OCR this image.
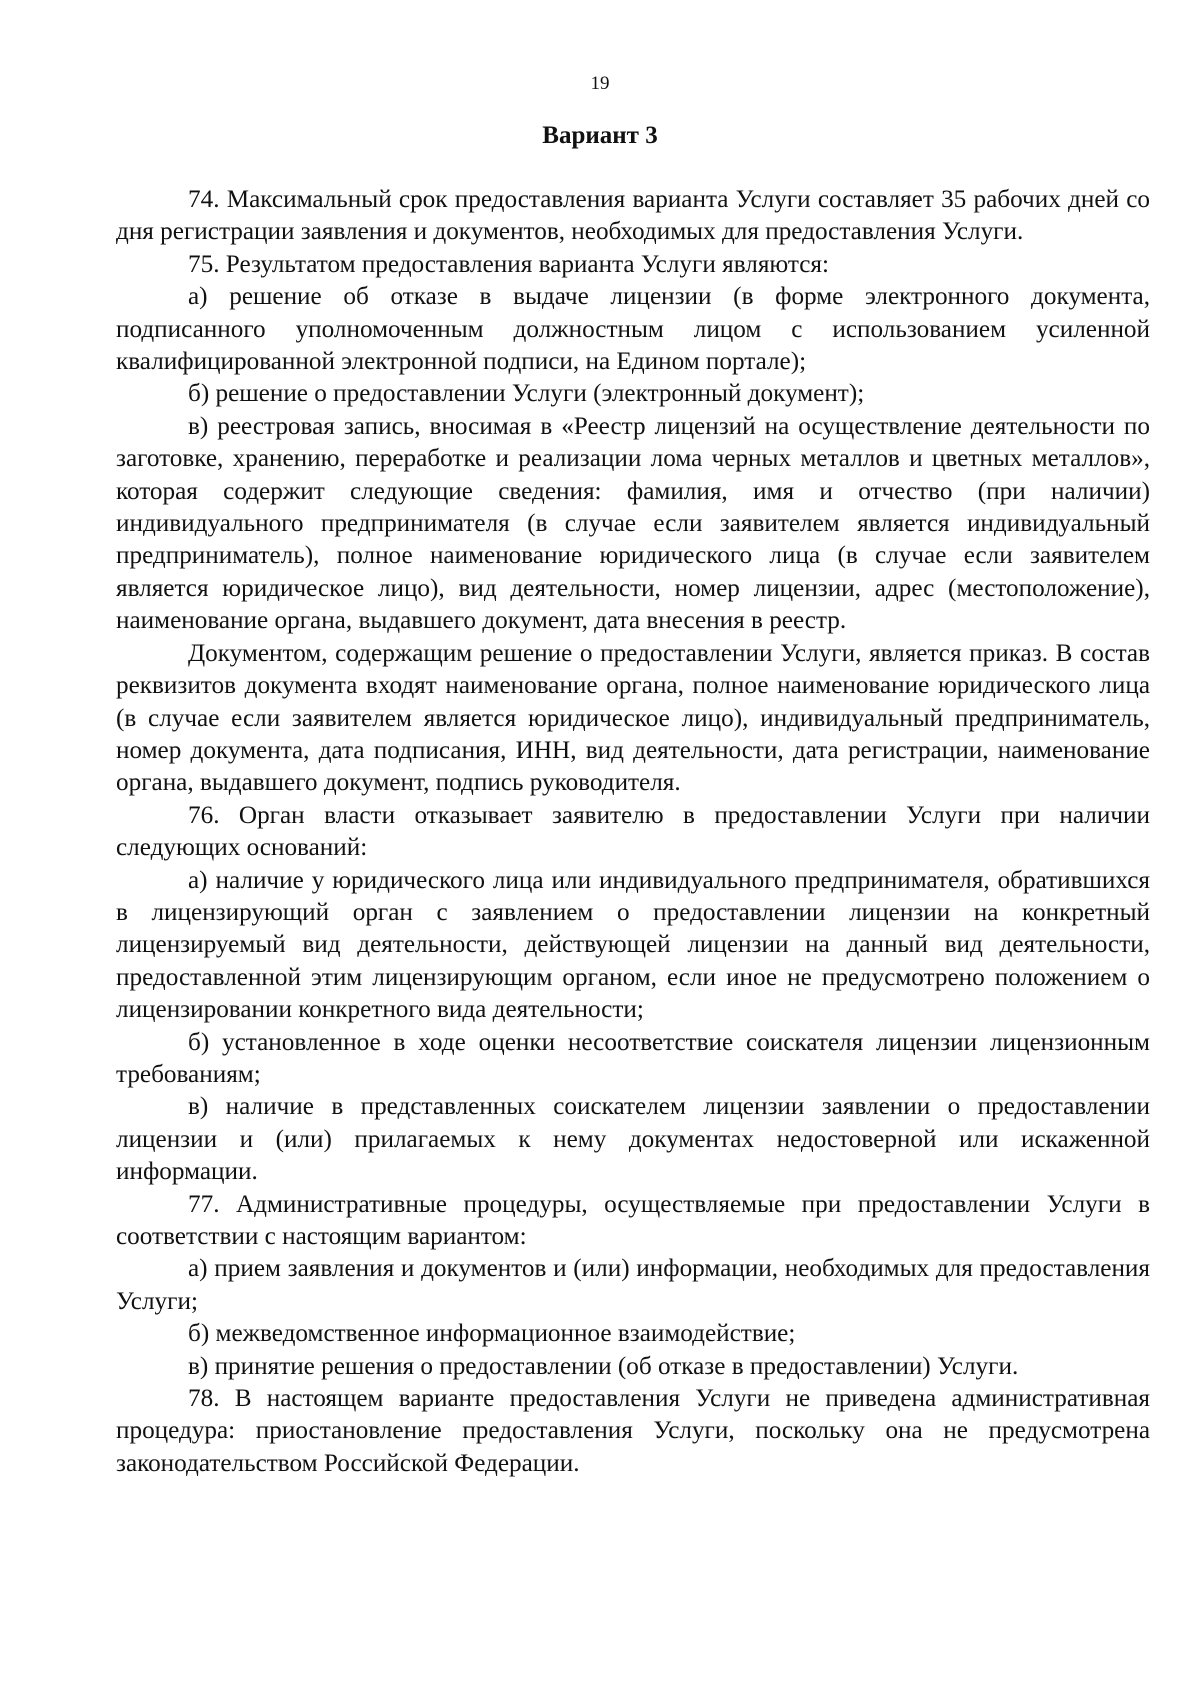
19
Вариант 3

74. Максимальный срок предоставления варианта Услуги составляет 35 рабочих дней со дня регистрации заявления и документов, необходимых для предоставления Услуги.

75. Результатом предоставления варианта Услуги являются:

а) решение об отказе в выдаче лицензии (в форме электронного документа, подписанного уполномоченным должностным лицом с использованием усиленной квалифицированной электронной подписи, на Едином портале);

б) решение о предоставлении Услуги (электронный документ);

в) реестровая запись, вносимая в «Реестр лицензий на осуществление деятельности по заготовке, хранению, переработке и реализации лома черных металлов и цветных металлов», которая содержит следующие сведения: фамилия, имя и отчество (при наличии) индивидуального предпринимателя (в случае если заявителем является индивидуальный предприниматель), полное наименование юридического лица (в случае если заявителем является юридическое лицо), вид деятельности, номер лицензии, адрес (местоположение), наименование органа, выдавшего документ, дата внесения в реестр.

Документом, содержащим решение о предоставлении Услуги, является приказ. В состав реквизитов документа входят наименование органа, полное наименование юридического лица (в случае если заявителем является юридическое лицо), индивидуальный предприниматель, номер документа, дата подписания, ИНН, вид деятельности, дата регистрации, наименование органа, выдавшего документ, подпись руководителя.

76. Орган власти отказывает заявителю в предоставлении Услуги при наличии следующих оснований:

а) наличие у юридического лица или индивидуального предпринимателя, обратившихся в лицензирующий орган с заявлением о предоставлении лицензии на конкретный лицензируемый вид деятельности, действующей лицензии на данный вид деятельности, предоставленной этим лицензирующим органом, если иное не предусмотрено положением о лицензировании конкретного вида деятельности;

б) установленное в ходе оценки несоответствие соискателя лицензии лицензионным требованиям;

в) наличие в представленных соискателем лицензии заявлении о предоставлении лицензии и (или) прилагаемых к нему документах недостоверной или искаженной информации.

77. Административные процедуры, осуществляемые при предоставлении Услуги в соответствии с настоящим вариантом:

а) прием заявления и документов и (или) информации, необходимых для предоставления Услуги;

б) межведомственное информационное взаимодействие;

в) принятие решения о предоставлении (об отказе в предоставлении) Услуги.

78. В настоящем варианте предоставления Услуги не приведена административная процедура: приостановление предоставления Услуги, поскольку она не предусмотрена законодательством Российской Федерации.
